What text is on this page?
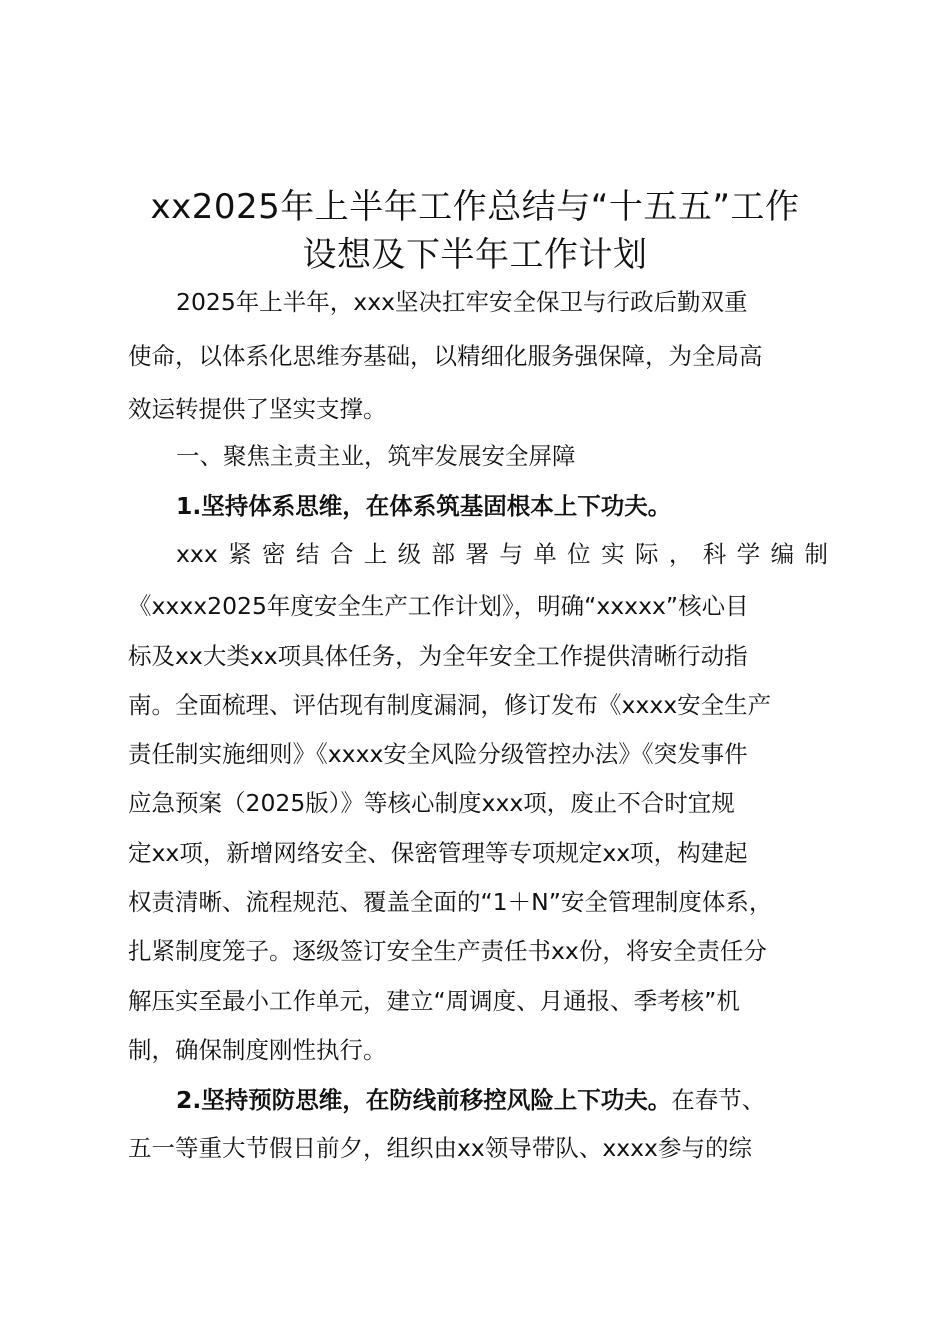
xx2025年上半年工作总结与“十五五”工作
设想及下半年工作计划
2025年上半年，xxx坚决扛牢安全保卫与行政后勤双重
使命，以体系化思维夯基础，以精细化服务强保障，为全局高
效运转提供了坚实支撑。
一、聚焦主责主业，筑牢发展安全屏障
1.坚持体系思维，在体系筑基固根本上下功夫。
xxx紧密结合上级部署与单位实际，科学编制
《xxxx2025年度安全生产工作计划》，明确“xxxxx”核心目
标及xx大类xx项具体任务，为全年安全工作提供清晰行动指
南。全面梳理、评估现有制度漏洞，修订发布《xxxx安全生产
责任制实施细则》《xxxx安全风险分级管控办法》《突发事件
应急预案（2025版）》等核心制度xxx项，废止不合时宜规
定xx项，新增网络安全、保密管理等专项规定xx项，构建起
权责清晰、流程规范、覆盖全面的“1＋N”安全管理制度体系，
扎紧制度笼子。逐级签订安全生产责任书xx份，将安全责任分
解压实至最小工作单元，建立“周调度、月通报、季考核”机
制，确保制度刚性执行。
2.坚持预防思维，在防线前移控风险上下功夫。在春节、
五一等重大节假日前夕，组织由xx领导带队、xxxx参与的综
